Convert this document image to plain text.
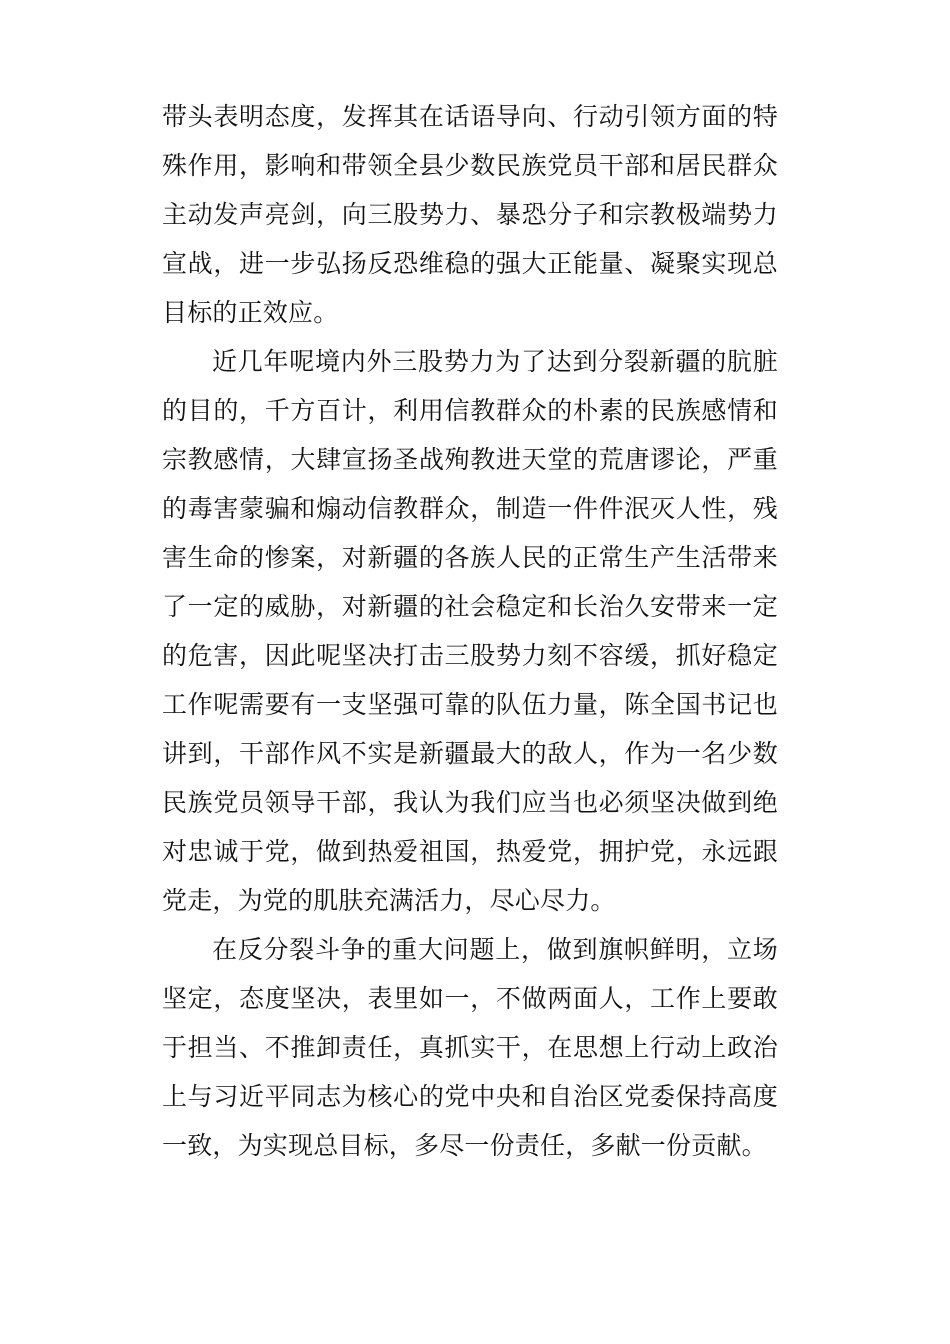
带头表明态度，发挥其在话语导向、行动引领方面的特殊作用，影响和带领全县少数民族党员干部和居民群众主动发声亮剑，向三股势力、暴恐分子和宗教极端势力宣战，进一步弘扬反恐维稳的强大正能量、凝聚实现总目标的正效应。

近几年呢境内外三股势力为了达到分裂新疆的肮脏的目的，千方百计，利用信教群众的朴素的民族感情和宗教感情，大肆宣扬圣战殉教进天堂的荒唐谬论，严重的毒害蒙骗和煽动信教群众，制造一件件泯灭人性，残害生命的惨案，对新疆的各族人民的正常生产生活带来了一定的威胁，对新疆的社会稳定和长治久安带来一定的危害，因此呢坚决打击三股势力刻不容缓，抓好稳定工作呢需要有一支坚强可靠的队伍力量，陈全国书记也讲到，干部作风不实是新疆最大的敌人，作为一名少数民族党员领导干部，我认为我们应当也必须坚决做到绝对忠诚于党，做到热爱祖国，热爱党，拥护党，永远跟党走，为党的肌肤充满活力，尽心尽力。

在反分裂斗争的重大问题上，做到旗帜鲜明，立场坚定，态度坚决，表里如一，不做两面人，工作上要敢于担当、不推卸责任，真抓实干，在思想上行动上政治上与习近平同志为核心的党中央和自治区党委保持高度一致，为实现总目标，多尽一份责任，多献一份贡献。
